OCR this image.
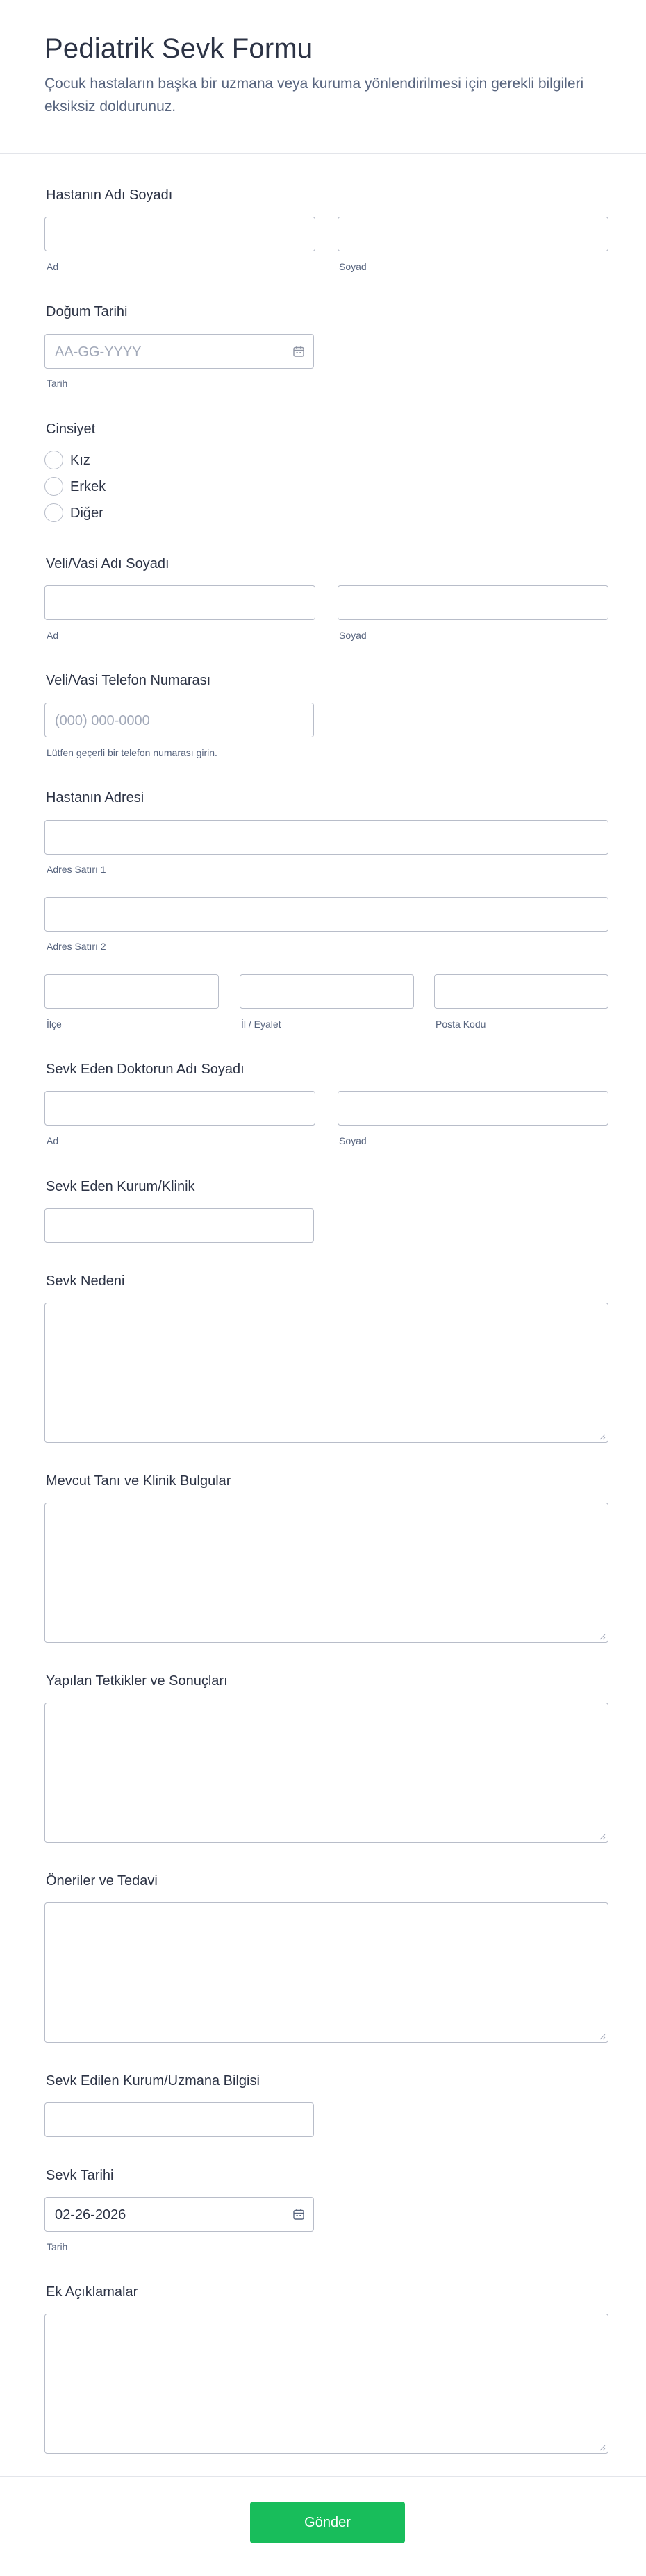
Pediatrik Sevk Formu

Çocuk hastaların başka bir uzmana veya kuruma yönlendirilmesi için gerekli bilgileri eksiksiz doldurunuz.

Hastanın Adı Soyadı
Ad	Soyad
Doğum Tarihi
AA-GG-YYYY
Tarih
Cinsiyet
Kız
Erkek
Diğer
Veli/Vasi Adı Soyadı
Ad	Soyad
Veli/Vasi Telefon Numarası
(000) 000-0000
Lütfen geçerli bir telefon numarası girin.
Hastanın Adresi
Adres Satırı 1
Adres Satırı 2
İlçe	İl / Eyalet	Posta Kodu
Sevk Eden Doktorun Adı Soyadı
Ad	Soyad
Sevk Eden Kurum/Klinik
Sevk Nedeni
Mevcut Tanı ve Klinik Bulgular
Yapılan Tetkikler ve Sonuçları
Öneriler ve Tedavi
Sevk Edilen Kurum/Uzmana Bilgisi
Sevk Tarihi
02-26-2026
Tarih
Ek Açıklamalar
Gönder
